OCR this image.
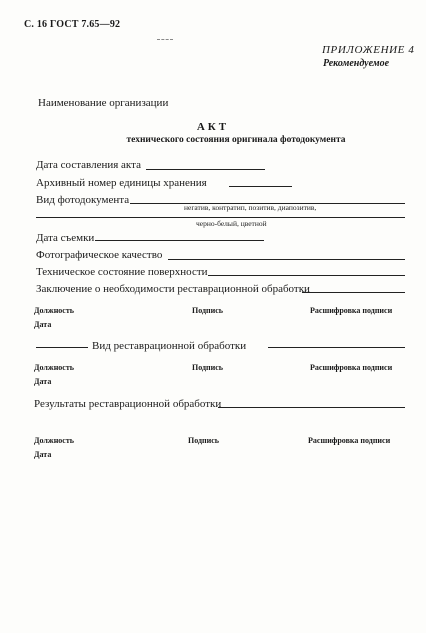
С. 16 ГОСТ 7.65—92
ПРИЛОЖЕНИЕ 4
Рекомендуемое
Наименование организации
АКТ
технического состояния оригинала фотодокумента
Дата составления акта
Архивный номер единицы хранения
Вид фотодокумента
негатив, контратип, позитив, диапозитив,
черно-белый, цветной
Дата съемки
Фотографическое качество
Техническое состояние поверхности
Заключение о необходимости реставрационной обработки
Должность	Подпись	Расшифровка подписи
Дата
Вид реставрационной обработки
Должность	Подпись	Расшифровка подписи
Дата
Результаты реставрационной обработки
Должность	Подпись	Расшифровка подписи
Дата
